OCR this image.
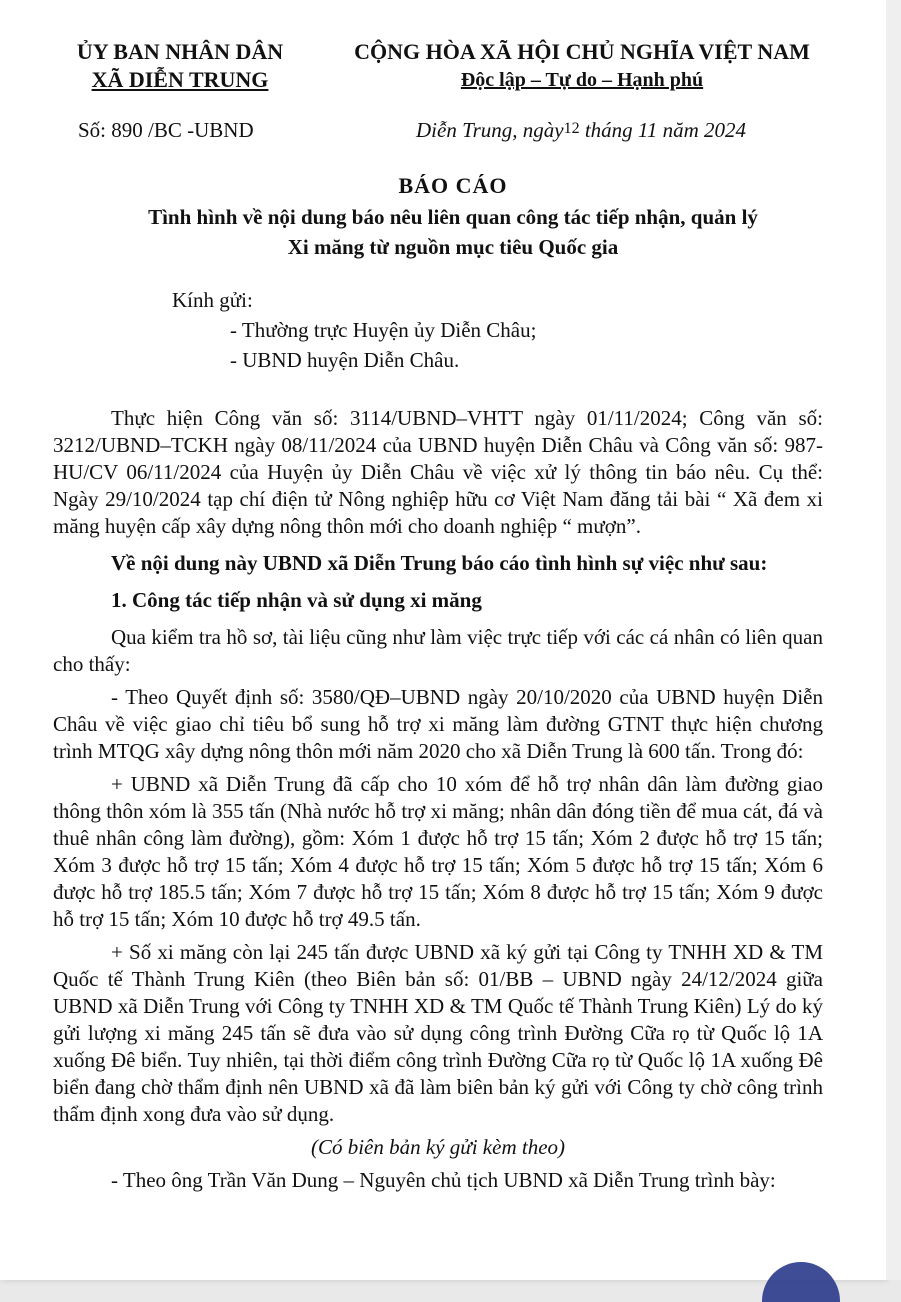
ỦY BAN NHÂN DÂN
XÃ DIỄN TRUNG
CỘNG HÒA XÃ HỘI CHỦ NGHĨA VIỆT NAM
Độc lập – Tự do – Hạnh phú
Số: 890 /BC -UBND	Diễn Trung, ngày12 tháng 11 năm 2024
BÁO CÁO
Tình hình về nội dung báo nêu liên quan công tác tiếp nhận, quản lý
Xi măng từ nguồn mục tiêu Quốc gia
Kính gửi:
- Thường trực Huyện ủy Diễn Châu;
- UBND huyện Diễn Châu.

Thực hiện Công văn số: 3114/UBND–VHTT ngày 01/11/2024; Công văn số: 3212/UBND–TCKH ngày 08/11/2024 của UBND huyện Diễn Châu và Công văn số: 987-HU/CV 06/11/2024 của Huyện ủy Diễn Châu về việc xử lý thông tin báo nêu. Cụ thể: Ngày 29/10/2024 tạp chí điện tử Nông nghiệp hữu cơ Việt Nam đăng tải bài “ Xã đem xi măng huyện cấp xây dựng nông thôn mới cho doanh nghiệp “ mượn”.

Về nội dung này UBND xã Diễn Trung báo cáo tình hình sự việc như sau:

1. Công tác tiếp nhận và sử dụng xi măng

Qua kiểm tra hồ sơ, tài liệu cũng như làm việc trực tiếp với các cá nhân có liên quan cho thấy:

- Theo Quyết định số: 3580/QĐ–UBND ngày 20/10/2020 của UBND huyện Diễn Châu về việc giao chỉ tiêu bổ sung hỗ trợ xi măng làm đường GTNT thực hiện chương trình MTQG xây dựng nông thôn mới năm 2020 cho xã Diễn Trung là 600 tấn. Trong đó:

+ UBND xã Diễn Trung đã cấp cho 10 xóm để hỗ trợ nhân dân làm đường giao thông thôn xóm là 355 tấn (Nhà nước hỗ trợ xi măng; nhân dân đóng tiền để mua cát, đá và thuê nhân công làm đường), gồm: Xóm 1 được hỗ trợ 15 tấn; Xóm 2 được hỗ trợ 15 tấn; Xóm 3 được hỗ trợ 15 tấn; Xóm 4 được hỗ trợ 15 tấn; Xóm 5 được hỗ trợ 15 tấn; Xóm 6 được hỗ trợ 185.5 tấn; Xóm 7 được hỗ trợ 15 tấn; Xóm 8 được hỗ trợ 15 tấn; Xóm 9 được hỗ trợ 15 tấn; Xóm 10 được hỗ trợ 49.5 tấn.

+ Số xi măng còn lại 245 tấn được UBND xã ký gửi tại Công ty TNHH XD & TM Quốc tế Thành Trung Kiên (theo Biên bản số: 01/BB – UBND ngày 24/12/2024 giữa UBND xã Diễn Trung với Công ty TNHH XD & TM Quốc tế Thành Trung Kiên) Lý do ký gửi lượng xi măng 245 tấn sẽ đưa vào sử dụng công trình Đường Cữa rọ từ Quốc lộ 1A xuống Đê biển. Tuy nhiên, tại thời điểm công trình Đường Cữa rọ từ Quốc lộ 1A xuống Đê biển đang chờ thẩm định nên UBND xã đã làm biên bản ký gửi với Công ty chờ công trình thẩm định xong đưa vào sử dụng.

(Có biên bản ký gửi kèm theo)

- Theo ông Trần Văn Dung – Nguyên chủ tịch UBND xã Diễn Trung trình bày:
